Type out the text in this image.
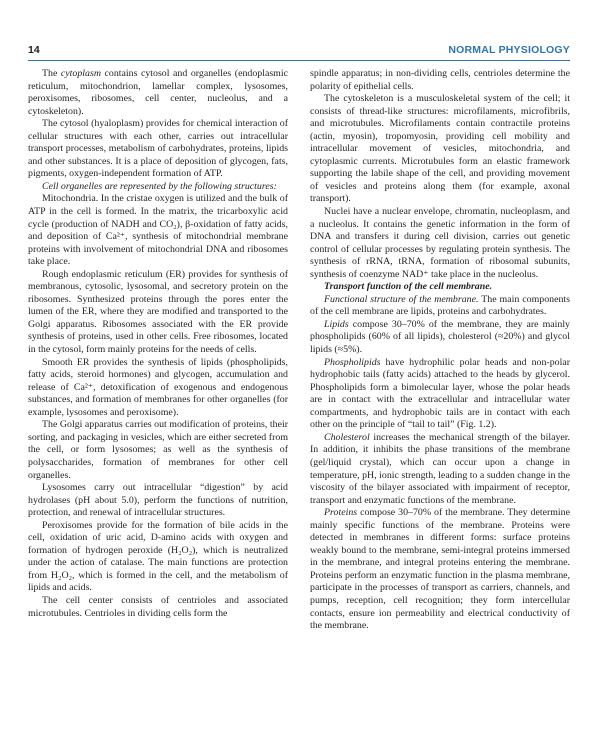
14	NORMAL PHYSIOLOGY

The cytoplasm contains cytosol and organelles (endoplasmic reticulum, mitochondrion, lamellar complex, lysosomes, peroxisomes, ribosomes, cell center, nucleolus, and a cytoskeleton).

The cytosol (hyaloplasm) provides for chemical interaction of cellular structures with each other, carries out intracellular transport processes, metabolism of carbohydrates, proteins, lipids and other substances. It is a place of deposition of glycogen, fats, pigments, oxygen-independent formation of ATP.

Cell organelles are represented by the following structures:

Mitochondria. In the cristae oxygen is utilized and the bulk of ATP in the cell is formed. In the matrix, the tricarboxylic acid cycle (production of NADH and CO₂), β-oxidation of fatty acids, and deposition of Ca²⁺, synthesis of mitochondrial membrane proteins with involvement of mitochondrial DNA and ribosomes take place.

Rough endoplasmic reticulum (ER) provides for synthesis of membranous, cytosolic, lysosomal, and secretory protein on the ribosomes. Synthesized proteins through the pores enter the lumen of the ER, where they are modified and transported to the Golgi apparatus. Ribosomes associated with the ER provide synthesis of proteins, used in other cells. Free ribosomes, located in the cytosol, form mainly proteins for the needs of cells.

Smooth ER provides the synthesis of lipids (phospholipids, fatty acids, steroid hormones) and glycogen, accumulation and release of Ca²⁺, detoxification of exogenous and endogenous substances, and formation of membranes for other organelles (for example, lysosomes and peroxisome).

The Golgi apparatus carries out modification of proteins, their sorting, and packaging in vesicles, which are either secreted from the cell, or form lysosomes; as well as the synthesis of polysaccharides, formation of membranes for other cell organelles.

Lysosomes carry out intracellular “digestion” by acid hydrolases (pH about 5.0), perform the functions of nutrition, protection, and renewal of intracellular structures.

Peroxisomes provide for the formation of bile acids in the cell, oxidation of uric acid, D-amino acids with oxygen and formation of hydrogen peroxide (H₂O₂), which is neutralized under the action of catalase. The main functions are protection from H₂O₂, which is formed in the cell, and the metabolism of lipids and acids.

The cell center consists of centrioles and associated microtubules. Centrioles in dividing cells form the

spindle apparatus; in non-dividing cells, centrioles determine the polarity of epithelial cells.

The cytoskeleton is a musculoskeletal system of the cell; it consists of thread-like structures: microfilaments, microfibrils, and microtubules. Microfilaments contain contractile proteins (actin, myosin), tropomyosin, providing cell mobility and intracellular movement of vesicles, mitochondria, and cytoplasmic currents. Microtubules form an elastic framework supporting the labile shape of the cell, and providing movement of vesicles and proteins along them (for example, axonal transport).

Nuclei have a nuclear envelope, chromatin, nucleoplasm, and a nucleolus. It contains the genetic information in the form of DNA and transfers it during cell division, carries out genetic control of cellular processes by regulating protein synthesis. The synthesis of rRNA, tRNA, formation of ribosomal subunits, synthesis of coenzyme NAD⁺ take place in the nucleolus.

Transport function of the cell membrane.

Functional structure of the membrane. The main components of the cell membrane are lipids, proteins and carbohydrates.

Lipids compose 30–70% of the membrane, they are mainly phospholipids (60% of all lipids), cholesterol (≈20%) and glycol lipids (≈5%).

Phospholipids have hydrophilic polar heads and non-polar hydrophobic tails (fatty acids) attached to the heads by glycerol. Phospholipids form a bimolecular layer, whose the polar heads are in contact with the extracellular and intracellular water compartments, and hydrophobic tails are in contact with each other on the principle of “tail to tail” (Fig. 1.2).

Cholesterol increases the mechanical strength of the bilayer. In addition, it inhibits the phase transitions of the membrane (gel/liquid crystal), which can occur upon a change in temperature, pH, ionic strength, leading to a sudden change in the viscosity of the bilayer associated with impairment of receptor, transport and enzymatic functions of the membrane.

Proteins compose 30–70% of the membrane. They determine mainly specific functions of the membrane. Proteins were detected in membranes in different forms: surface proteins weakly bound to the membrane, semi-integral proteins immersed in the membrane, and integral proteins entering the membrane. Proteins perform an enzymatic function in the plasma membrane, participate in the processes of transport as carriers, channels, and pumps, reception, cell recognition; they form intercellular contacts, ensure ion permeability and electrical conductivity of the membrane.
